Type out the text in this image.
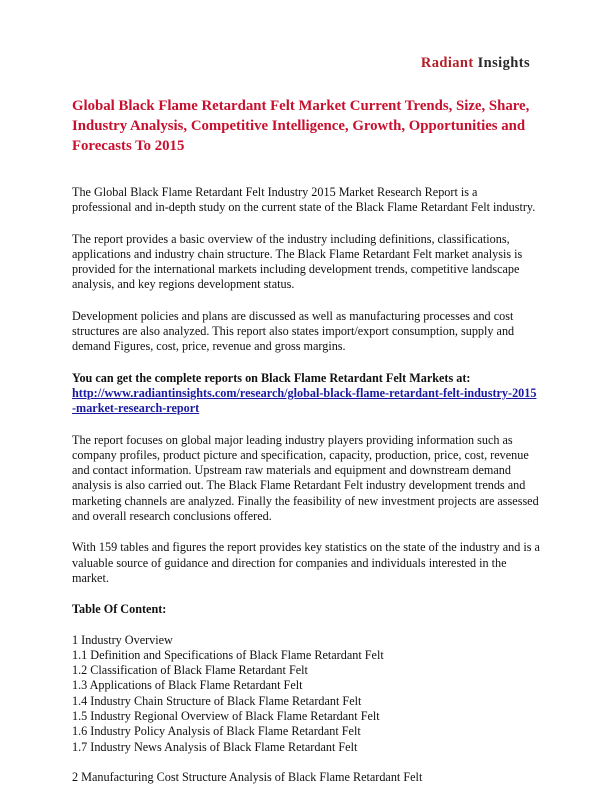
Radiant Insights
Global Black Flame Retardant Felt Market Current Trends, Size, Share, Industry Analysis, Competitive Intelligence, Growth, Opportunities and Forecasts To 2015

The Global Black Flame Retardant Felt Industry 2015 Market Research Report is a professional and in-depth study on the current state of the Black Flame Retardant Felt industry.

The report provides a basic overview of the industry including definitions, classifications, applications and industry chain structure. The Black Flame Retardant Felt market analysis is provided for the international markets including development trends, competitive landscape analysis, and key regions development status.

Development policies and plans are discussed as well as manufacturing processes and cost structures are also analyzed. This report also states import/export consumption, supply and demand Figures, cost, price, revenue and gross margins.

You can get the complete reports on Black Flame Retardant Felt Markets at:
http://www.radiantinsights.com/research/global-black-flame-retardant-felt-industry-2015-market-research-report

The report focuses on global major leading industry players providing information such as company profiles, product picture and specification, capacity, production, price, cost, revenue and contact information. Upstream raw materials and equipment and downstream demand analysis is also carried out. The Black Flame Retardant Felt industry development trends and marketing channels are analyzed. Finally the feasibility of new investment projects are assessed and overall research conclusions offered.

With 159 tables and figures the report provides key statistics on the state of the industry and is a valuable source of guidance and direction for companies and individuals interested in the market.

Table Of Content:
1 Industry Overview
1.1 Definition and Specifications of Black Flame Retardant Felt
1.2 Classification of Black Flame Retardant Felt
1.3 Applications of Black Flame Retardant Felt
1.4 Industry Chain Structure of Black Flame Retardant Felt
1.5 Industry Regional Overview of Black Flame Retardant Felt
1.6 Industry Policy Analysis of Black Flame Retardant Felt
1.7 Industry News Analysis of Black Flame Retardant Felt
2 Manufacturing Cost Structure Analysis of Black Flame Retardant Felt
